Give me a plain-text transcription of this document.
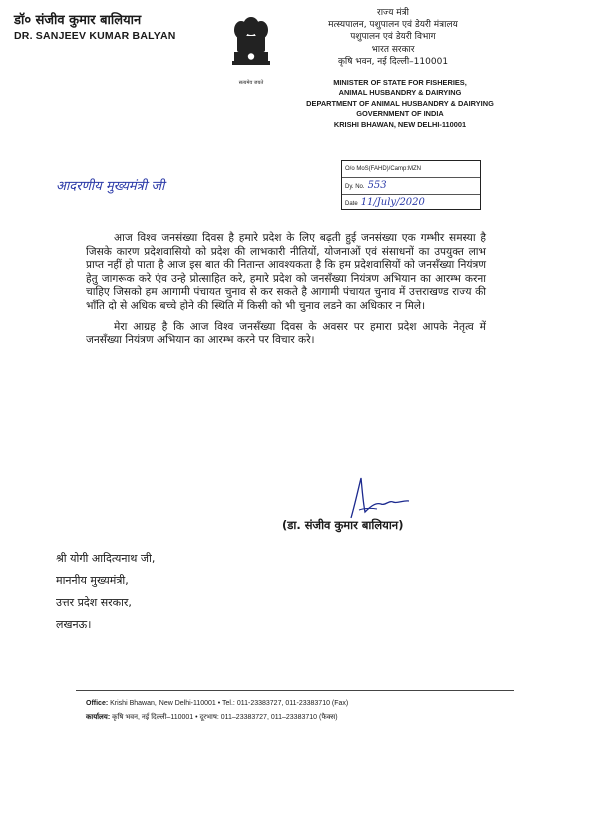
डॉ० संजीव कुमार बालियान
DR. SANJEEV KUMAR BALYAN
सत्यमेव जयते
राज्य मंत्री
मत्स्यपालन, पशुपालन एवं डेयरी मंत्रालय
पशुपालन एवं डेयरी विभाग
भारत सरकार
कृषि भवन, नई दिल्ली–110001
MINISTER OF STATE FOR FISHERIES,
ANIMAL HUSBANDRY & DAIRYING
DEPARTMENT OF ANIMAL HUSBANDRY & DAIRYING
GOVERNMENT OF INDIA
KRISHI BHAWAN, NEW DELHI-110001
O/o MoS(FAHD)/Camp:MZN
Dy. No. 553
Date 11/July/2020
आदरणीय मुख्यमंत्री जी

आज विश्व जनसंख्या दिवस है हमारे प्रदेश के लिए बढ़ती हुई जनसंख्या एक गम्भीर समस्या है जिसके कारण प्रदेशवासियो को प्रदेश की लाभकारी नीतियों, योजनाओं एवं संसाधनों का उपयुक्त लाभ प्राप्त नहीं हो पाता है आज इस बात की नितान्त आवश्यकता है कि हम प्रदेशवासियों को जनसँख्या नियंत्रण हेतु जागरूक करे एंव उन्हे प्रोत्साहित करे, हमारे प्रदेश को जनसँख्या नियंत्रण अभियान का आरम्भ करना चाहिए जिसको हम आगामी पंचायत चुनाव से कर सकते है आगामी पंचायत चुनाव में उत्तराखण्ड राज्य की भाँति दो से अधिक बच्चे होने की स्थिति में किसी को भी चुनाव लडने का अधिकार न मिले।

मेरा आग्रह है कि आज विश्व जनसँख्या दिवस के अवसर पर हमारा प्रदेश आपके नेतृत्व में जनसँख्या नियंत्रण अभियान का आरम्भ करने पर विचार करे।

(डा. संजीव कुमार बालियान)
श्री योगी आदित्यनाथ जी,
माननीय मुख्यमंत्री,
उत्तर प्रदेश सरकार,
लखनऊ।
Office: Krishi Bhawan, New Delhi-110001 • Tel.: 011-23383727, 011-23383710 (Fax)
कार्यालय: कृषि भवन, नई दिल्ली–110001 • दूरभाष: 011–23383727, 011–23383710 (फैक्स)
